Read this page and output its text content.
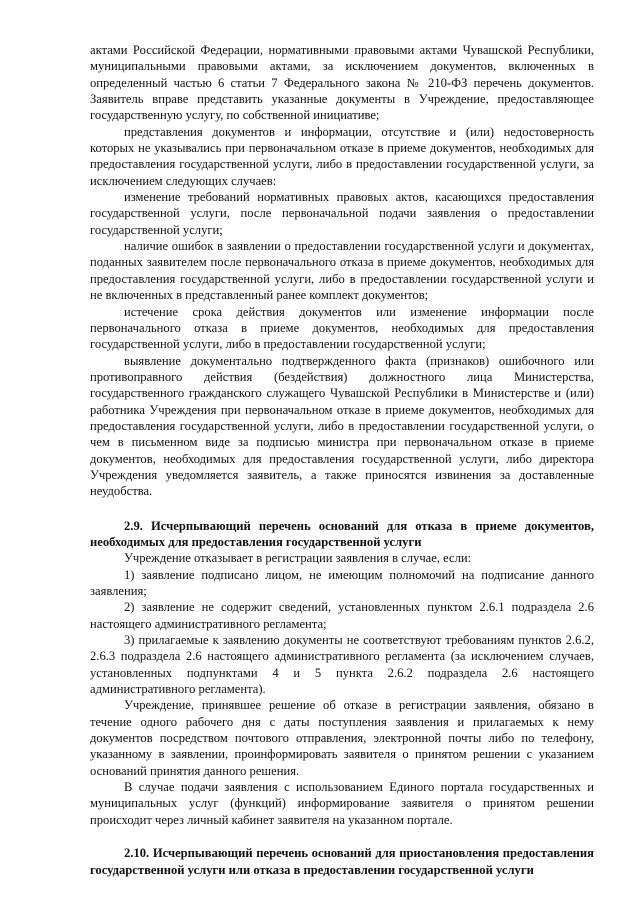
актами Российской Федерации, нормативными правовыми актами Чувашской Республики, муниципальными правовыми актами, за исключением документов, включенных в определенный частью 6 статьи 7 Федерального закона № 210-ФЗ перечень документов. Заявитель вправе представить указанные документы в Учреждение, предоставляющее государственную услугу, по собственной инициативе;

представления документов и информации, отсутствие и (или) недостоверность которых не указывались при первоначальном отказе в приеме документов, необходимых для предоставления государственной услуги, либо в предоставлении государственной услуги, за исключением следующих случаев:

изменение требований нормативных правовых актов, касающихся предоставления государственной услуги, после первоначальной подачи заявления о предоставлении государственной услуги;

наличие ошибок в заявлении о предоставлении государственной услуги и документах, поданных заявителем после первоначального отказа в приеме документов, необходимых для предоставления государственной услуги, либо в предоставлении государственной услуги и не включенных в представленный ранее комплект документов;

истечение срока действия документов или изменение информации после первоначального отказа в приеме документов, необходимых для предоставления государственной услуги, либо в предоставлении государственной услуги;

выявление документально подтвержденного факта (признаков) ошибочного или противоправного действия (бездействия) должностного лица Министерства, государственного гражданского служащего Чувашской Республики в Министерстве и (или) работника Учреждения при первоначальном отказе в приеме документов, необходимых для предоставления государственной услуги, либо в предоставлении государственной услуги, о чем в письменном виде за подписью министра при первоначальном отказе в приеме документов, необходимых для предоставления государственной услуги, либо директора Учреждения уведомляется заявитель, а также приносятся извинения за доставленные неудобства.

2.9. Исчерпывающий перечень оснований для отказа в приеме документов, необходимых для предоставления государственной услуги

Учреждение отказывает в регистрации заявления в случае, если:

1) заявление подписано лицом, не имеющим полномочий на подписание данного заявления;

2) заявление не содержит сведений, установленных пунктом 2.6.1 подраздела 2.6 настоящего административного регламента;

3) прилагаемые к заявлению документы не соответствуют требованиям пунктов 2.6.2, 2.6.3 подраздела 2.6 настоящего административного регламента (за исключением случаев, установленных подпунктами 4 и 5 пункта 2.6.2 подраздела 2.6 настоящего административного регламента).

Учреждение, принявшее решение об отказе в регистрации заявления, обязано в течение одного рабочего дня с даты поступления заявления и прилагаемых к нему документов посредством почтового отправления, электронной почты либо по телефону, указанному в заявлении, проинформировать заявителя о принятом решении с указанием оснований принятия данного решения.

В случае подачи заявления с использованием Единого портала государственных и муниципальных услуг (функций) информирование заявителя о принятом решении происходит через личный кабинет заявителя на указанном портале.

2.10. Исчерпывающий перечень оснований для приостановления предоставления государственной услуги или отказа в предоставлении государственной услуги
